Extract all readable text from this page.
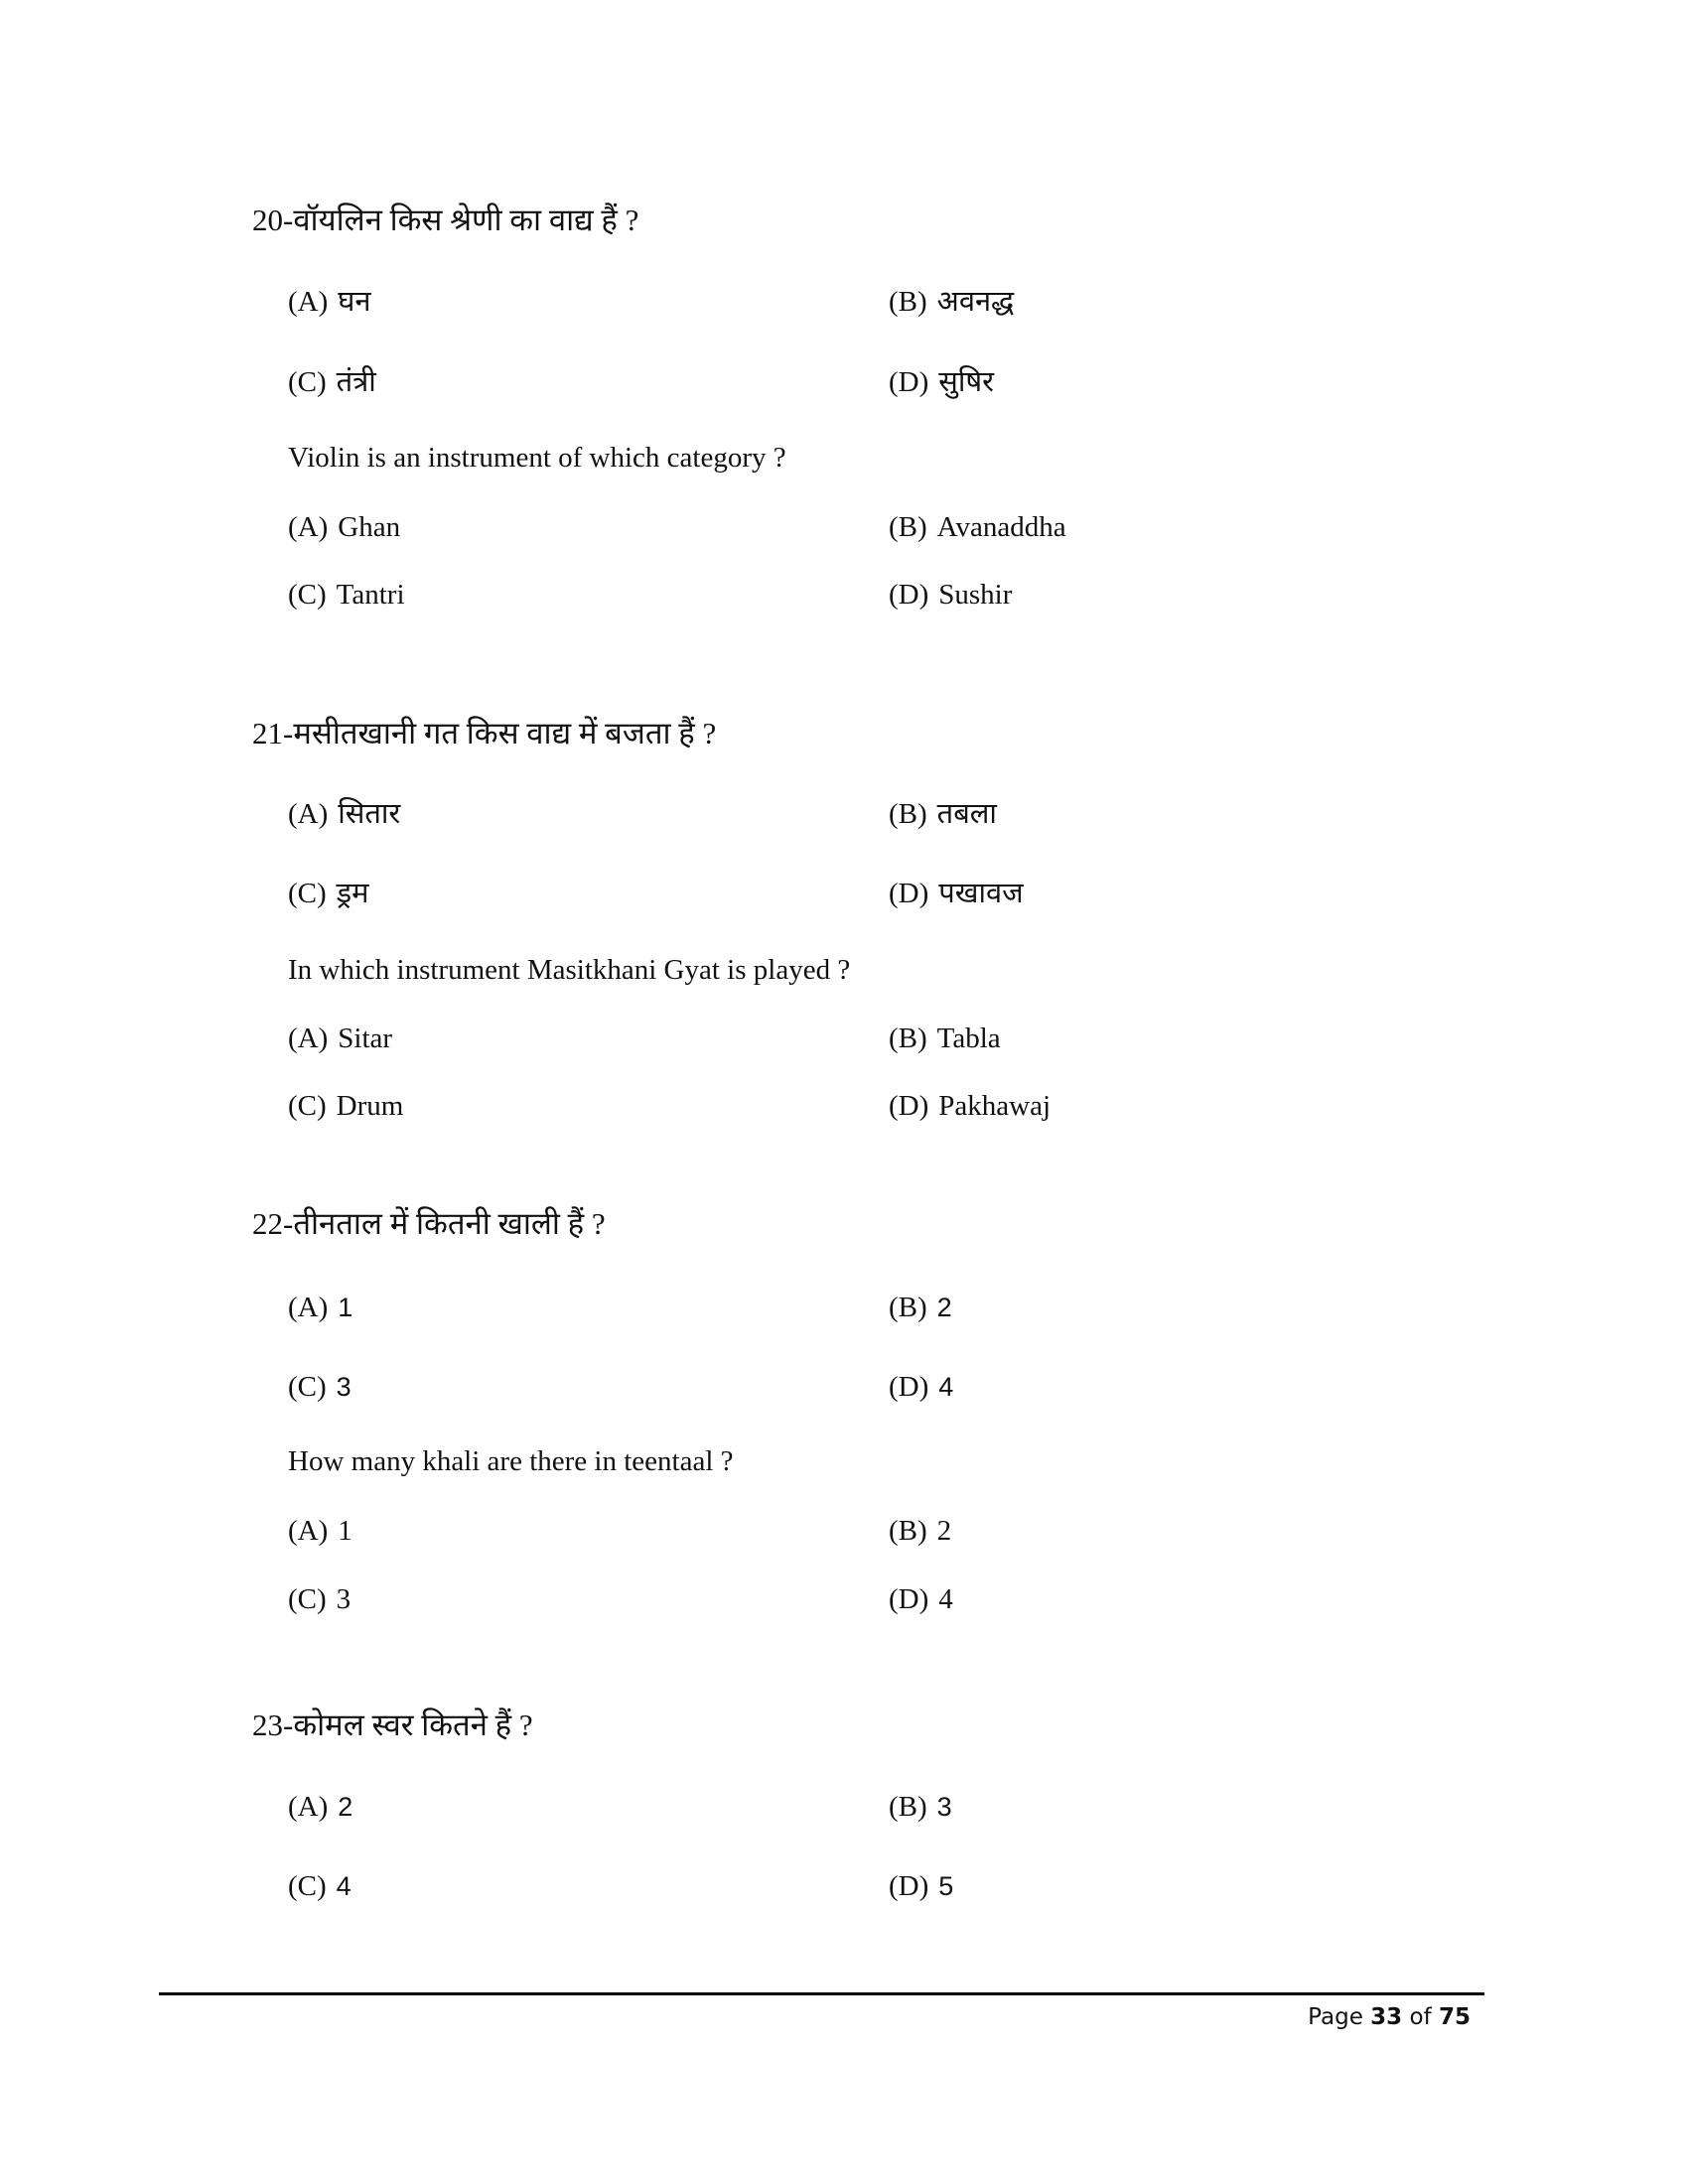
20-वॉयलिन किस श्रेणी का वाद्य हैं ?
(A) घन	(B) अवनद्ध
(C) तंत्री	(D) सुषिर
Violin is an instrument of which category ?
(A) Ghan	(B) Avanaddha
(C) Tantri	(D) Sushir
21-मसीतखानी गत किस वाद्य में बजता हैं ?
(A) सितार	(B) तबला
(C) ड्रम	(D) पखावज
In which instrument Masitkhani Gyat is played ?
(A) Sitar	(B) Tabla
(C) Drum	(D) Pakhawaj
22-तीनताल में कितनी खाली हैं ?
(A) 1	(B) 2
(C) 3	(D) 4
How many khali are there in teentaal ?
(A) 1	(B) 2
(C) 3	(D) 4
23-कोमल स्वर कितने हैं ?
(A) 2	(B) 3
(C) 4	(D) 5
Page 33 of 75
